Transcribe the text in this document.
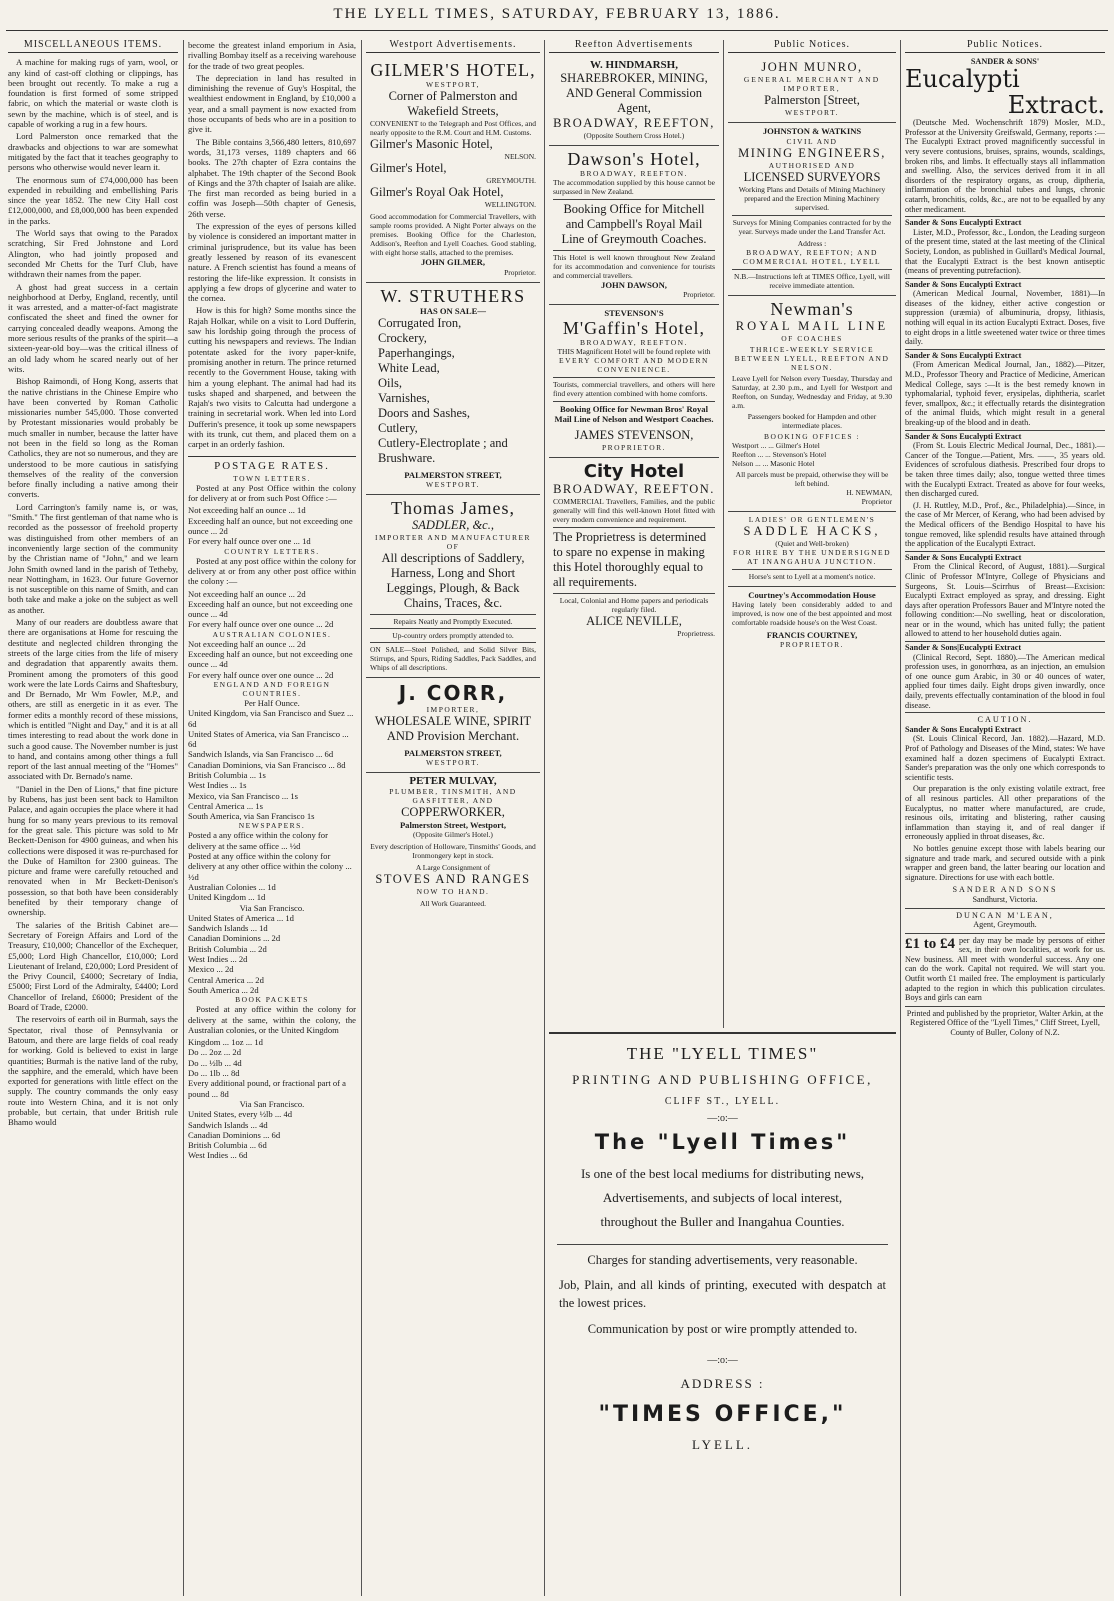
THE LYELL TIMES, SATURDAY, FEBRUARY 13, 1886.
MISCELLANEOUS ITEMS.

A machine for making rugs of yarn, wool, or any kind of cast-off clothing or clippings, has been brought out recently. To make a rug a foundation is first formed of some stripped fabric, on which the material or waste cloth is sewn by the machine, which is of steel, and is capable of working a rug in a few hours.

Lord Palmerston once remarked that the drawbacks and objections to war are somewhat mitigated by the fact that it teaches geography to persons who otherwise would never learn it.

The enormous sum of £74,000,000 has been expended in rebuilding and embellishing Paris since the year 1852. The new City Hall cost £12,000,000, and £8,000,000 has been expended in the parks.

The World says that owing to the Paradox scratching, Sir Fred Johnstone and Lord Alington, who had jointly proposed and seconded Mr Chetts for the Turf Club, have withdrawn their names from the paper.

A ghost had great success in a certain neighborhood at Derby, England, recently, until it was arrested, and a matter-of-fact magistrate confiscated the sheet and fined the owner for carrying concealed deadly weapons. Among the more serious results of the pranks of the spirit—a sixteen-year-old boy—was the critical illness of an old lady whom he scared nearly out of her wits.

Bishop Raimondi, of Hong Kong, asserts that the native christians in the Chinese Empire who have been converted by Roman Catholic missionaries number 545,000. Those converted by Protestant missionaries would probably be much smaller in number, because the latter have not been in the field so long as the Roman Catholics, they are not so numerous, and they are understood to be more cautious in satisfying themselves of the reality of the conversion before finally including a native among their converts.

Lord Carrington's family name is, or was, "Smith." The first gentleman of that name who is recorded as the possessor of freehold property was distinguished from other members of an inconveniently large section of the community by the Christian name of "John," and we learn John Smith owned land in the parish of Tetheby, near Nottingham, in 1623. Our future Governor is not susceptible on this name of Smith, and can both take and make a joke on the subject as well as another.

Many of our readers are doubtless aware that there are organisations at Home for rescuing the destitute and neglected children thronging the streets of the large cities from the life of misery and degradation that apparently awaits them. Prominent among the promoters of this good work were the late Lords Cairns and Shaftesbury, and Dr Bernado, Mr Wm Fowler, M.P., and others, are still as energetic in it as ever. The former edits a monthly record of these missions, which is entitled "Night and Day," and it is at all times interesting to read about the work done in such a good cause. The November number is just to hand, and contains among other things a full report of the last annual meeting of the "Homes" associated with Dr. Bernado's name.

"Daniel in the Den of Lions," that fine picture by Rubens, has just been sent back to Hamilton Palace, and again occupies the place where it had hung for so many years previous to its removal for the great sale. This picture was sold to Mr Beckett-Denison for 4900 guineas, and when his collections were disposed it was re-purchased for the Duke of Hamilton for 2300 guineas. The picture and frame were carefully retouched and renovated when in Mr Beckett-Denison's possession, so that both have been considerably benefited by their temporary change of ownership.

The salaries of the British Cabinet are—Secretary of Foreign Affairs and Lord of the Treasury, £10,000; Chancellor of the Exchequer, £5,000; Lord High Chancellor, £10,000; Lord Lieutenant of Ireland, £20,000; Lord President of the Privy Council, £4000; Secretary of India, £5000; First Lord of the Admiralty, £4400; Lord Chancellor of Ireland, £6000; President of the Board of Trade, £2000.

The reservoirs of earth oil in Burmah, says the Spectator, rival those of Pennsylvania or Batoum, and there are large fields of coal ready for working. Gold is believed to exist in large quantities; Burmah is the native land of the ruby, the sapphire, and the emerald, which have been exported for generations with little effect on the supply. The country commands the only easy route into Western China, and it is not only probable, but certain, that under British rule Bhamo would

become the greatest inland emporium in Asia, rivalling Bombay itself as a receiving warehouse for the trade of two great peoples.

The depreciation in land has resulted in diminishing the revenue of Guy's Hospital, the wealthiest endowment in England, by £10,000 a year, and a small payment is now exacted from those occupants of beds who are in a position to give it.

The Bible contains 3,566,480 letters, 810,697 words, 31,173 verses, 1189 chapters and 66 books. The 27th chapter of Ezra contains the alphabet. The 19th chapter of the Second Book of Kings and the 37th chapter of Isaiah are alike. The first man recorded as being buried in a coffin was Joseph—50th chapter of Genesis, 26th verse.

The expression of the eyes of persons killed by violence is considered an important matter in criminal jurisprudence, but its value has been greatly lessened by reason of its evanescent nature. A French scientist has found a means of restoring the life-like expression. It consists in applying a few drops of glycerine and water to the cornea.

How is this for high? Some months since the Rajah Holkar, while on a visit to Lord Dufferin, saw his lordship going through the process of cutting his newspapers and reviews. The Indian potentate asked for the ivory paper-knife, promising another in return. The prince returned recently to the Government House, taking with him a young elephant. The animal had had its tusks shaped and sharpened, and between the Rajah's two visits to Calcutta had undergone a training in secretarial work. When led into Lord Dufferin's presence, it took up some newspapers with its trunk, cut them, and placed them on a carpet in an orderly fashion.

POSTAGE RATES.
TOWN LETTERS.

Posted at any Post Office within the colony for delivery at or from such Post Office :—

Not exceeding half an ounce ... 1d
Exceeding half an ounce, but not exceeding one ounce ... 2d
For every half ounce over one ... 1d
COUNTRY LETTERS.

Posted at any post office within the colony for delivery at or from any other post office within the colony :—

Not exceeding half an ounce ... 2d
Exceeding half an ounce, but not exceeding one ounce ... 4d
For every half ounce over one ounce ... 2d
AUSTRALIAN COLONIES.
Not exceeding half an ounce ... 2d
Exceeding half an ounce, but not exceeding one ounce ... 4d
For every half ounce over one ounce ... 2d
ENGLAND AND FOREIGN COUNTRIES.
Per Half Ounce.
United Kingdom, via San Francisco and Suez ... 6d
United States of America, via San Francisco ... 6d
Sandwich Islands, via San Francisco ... 6d
Canadian Dominions, via San Francisco ... 8d
British Columbia ... 1s
West Indies ... 1s
Mexico, via San Francisco ... 1s
Central America ... 1s
South America, via San Francisco 1s
NEWSPAPERS.
Posted a any office within the colony for delivery at the same office ... ½d
Posted at any office within the colony for delivery at any other office within the colony ... ½d
Australian Colonies ... 1d
United Kingdom ... 1d
Via San Francisco.
United States of America ... 1d
Sandwich Islands ... 1d
Canadian Dominions ... 2d
British Columbia ... 2d
West Indies ... 2d
Mexico ... 2d
Central America ... 2d
South America ... 2d
BOOK PACKETS

Posted at any office within the colony for delivery at the same, within the colony, the Australian colonies, or the United Kingdom

Kingdom ... 1oz ... 1d
Do ... 2oz ... 2d
Do ... ½lb ... 4d
Do ... 1lb ... 8d
Every additional pound, or fractional part of a pound ... 8d
Via San Francisco.
United States, every ½lb ... 4d
Sandwich Islands ... 4d
Canadian Dominions ... 6d
British Columbia ... 6d
West Indies ... 6d
Westport Advertisements.
GILMER'S HOTEL,
WESTPORT,
Corner of Palmerston and Wakefield Streets,
CONVENIENT to the Telegraph and Post Offices, and nearly opposite to the R.M. Court and H.M. Customs.
Gilmer's Masonic Hotel,
NELSON.
Gilmer's Hotel,
GREYMOUTH.
Gilmer's Royal Oak Hotel,
WELLINGTON.
Good accommodation for Commercial Travellers, with sample rooms provided. A Night Porter always on the premises. Booking Office for the Charleston, Addison's, Reefton and Lyell Coaches. Good stabling, with eight horse stalls, attached to the premises.
JOHN GILMER,
Proprietor.
W. STRUTHERS
HAS ON SALE—
Corrugated Iron,
Crockery,
Paperhangings,
White Lead,
Oils,
Varnishes,
Doors and Sashes,
Cutlery,
Cutlery-Electroplate ; and Brushware.
PALMERSTON STREET,
WESTPORT.
Thomas James,
SADDLER, &c.,
IMPORTER AND MANUFACTURER OF
All descriptions of Saddlery, Harness, Long and Short Leggings, Plough, & Back Chains, Traces, &c.
Repairs Neatly and Promptly Executed.
Up-country orders promptly attended to.
ON SALE—Steel Polished, and Solid Silver Bits, Stirrups, and Spurs, Riding Saddles, Pack Saddles, and Whips of all descriptions.
J. CORR,
IMPORTER,
WHOLESALE WINE, SPIRIT AND Provision Merchant.
PALMERSTON STREET,
WESTPORT.
PETER MULVAY,
PLUMBER, TINSMITH, AND GASFITTER, AND
COPPERWORKER,
Palmerston Street, Westport,
(Opposite Gilmer's Hotel.)
Every description of Holloware, Tinsmiths' Goods, and Ironmongery kept in stock.
A Large Consignment of
STOVES AND RANGES
NOW TO HAND.
All Work Guaranteed.
Reefton Advertisements
W. HINDMARSH,
SHAREBROKER, MINING, AND General Commission Agent,
BROADWAY, REEFTON,
(Opposite Southern Cross Hotel.)
Dawson's Hotel,
BROADWAY, REEFTON.
The accommodation supplied by this house cannot be surpassed in New Zealand.
Booking Office for Mitchell and Campbell's Royal Mail Line of Greymouth Coaches.
This Hotel is well known throughout New Zealand for its accommodation and convenience for tourists and commercial travellers.
JOHN DAWSON,
Proprietor.
STEVENSON'S
M'Gaffin's Hotel,
BROADWAY, REEFTON.
THIS Magnificent Hotel will be found replete with
EVERY COMFORT AND MODERN CONVENIENCE.
Tourists, commercial travellers, and others will here find every attention combined with home comforts.
Booking Office for Newman Bros' Royal Mail Line of Nelson and Westport Coaches.
JAMES STEVENSON,
PROPRIETOR.
City Hotel
BROADWAY, REEFTON.
COMMERCIAL Travellers, Families, and the public generally will find this well-known Hotel fitted with every modern convenience and requirement.
The Proprietress is determined to spare no expense in making this Hotel thoroughly equal to all requirements.
Local, Colonial and Home papers and periodicals regularly filed.
ALICE NEVILLE,
Proprietress.
Public Notices.
JOHN MUNRO,
GENERAL MERCHANT AND IMPORTER,
Palmerston [Street,
WESTPORT.
JOHNSTON & WATKINS
CIVIL AND
MINING ENGINEERS,
AUTHORISED AND
LICENSED SURVEYORS
Working Plans and Details of Mining Machinery prepared and the Erection Mining Machinery supervised.
Surveys for Mining Companies contracted for by the year. Surveys made under the Land Transfer Act.
Address :
BROADWAY, REEFTON; AND COMMERCIAL HOTEL, LYELL
N.B.—Instructions left at TIMES Office, Lyell, will receive immediate attention.
Newman's
ROYAL MAIL LINE
OF COACHES
THRICE-WEEKLY SERVICE BETWEEN LYELL, REEFTON AND NELSON.
Leave Lyell for Nelson every Tuesday, Thursday and Saturday, at 2.30 p.m., and Lyell for Westport and Reefton, on Sunday, Wednesday and Friday, at 9.30 a.m.
Passengers booked for Hampden and other intermediate places.
BOOKING OFFICES :
Westport ... ... Gilmer's Hotel
Reefton ... ... Stevenson's Hotel
Nelson ... ... Masonic Hotel
All parcels must be prepaid, otherwise they will be left behind.
H. NEWMAN,
Proprietor
LADIES' OR GENTLEMEN'S
SADDLE HACKS,
(Quiet and Well-broken)
FOR HIRE BY THE UNDERSIGNED
AT INANGAHUA JUNCTION.
Horse's sent to Lyell at a moment's notice.
Courtney's Accommodation House
Having lately been considerably added to and improved, is now one of the best appointed and most comfortable roadside house's on the West Coast.
FRANCIS COURTNEY,
PROPRIETOR.
THE "LYELL TIMES"
PRINTING AND PUBLISHING OFFICE,
CLIFF ST., LYELL.
—:o:—
The "Lyell Times"
Is one of the best local mediums for distributing news, Advertisements, and subjects of local interest, throughout the Buller and Inangahua Counties.
Charges for standing advertisements, very reasonable.
Job, Plain, and all kinds of printing, executed with despatch at the lowest prices.
Communication by post or wire promptly attended to.
—:o:—
ADDRESS :
"TIMES OFFICE,"
LYELL.
Public Notices.
SANDER & SONS'
Eucalypti
Extract.

(Deutsche Med. Wochenschrift 1879) Mosler, M.D., Professor at the University Greifswald, Germany, reports :— The Eucalypti Extract proved magnificently successful in very severe contusions, bruises, sprains, wounds, scaldings, broken ribs, and limbs. It effectually stays all inflammation and swelling. Also, the services derived from it in all disorders of the respiratory organs, as croup, diptheria, inflammation of the bronchial tubes and lungs, chronic catarrh, bronchitis, colds, &c., are not to be equalled by any other medicament.

Sander & Sons Eucalypti Extract

Lister, M.D., Professor, &c., London, the Leading surgeon of the present time, stated at the last meeting of the Clinical Society, London, as published in Guillard's Medical Journal, that the Eucalypti Extract is the best known antiseptic (means of preventing putrefaction).

Sander & Sons Eucalypti Extract

(American Medical Journal, November, 1881)—In diseases of the kidney, either active congestion or suppression (uræmia) of albuminuria, dropsy, lithiasis, nothing will equal in its action Eucalypti Extract. Doses, five to eight drops in a little sweetened water twice or three times daily.

Sander & Sons Eucalypti Extract

(From American Medical Journal, Jan., 1882).—Pitzer, M.D., Professor Theory and Practice of Medicine, American Medical College, says :—It is the best remedy known in typhomalarial, typhoid fever, erysipelas, diphtheria, scarlet fever, smallpox, &c.; it effectually retards the disintegration of the animal fluids, which might result in a general breaking-up of the blood and in death.

Sander & Sons Eucalypti Extract

(From St. Louis Electric Medical Journal, Dec., 1881).—Cancer of the Tongue.—Patient, Mrs. ——, 35 years old. Evidences of scrofulous diathesis. Prescribed four drops to be taken three times daily; also, tongue wetted three times with the Eucalypti Extract. Treated as above for four weeks, then discharged cured.

(J. H. Ruttley, M.D., Prof., &c., Philadelphia).—Since, in the case of Mr Mercer, of Kerang, who had been advised by the Medical officers of the Bendigo Hospital to have his tongue removed, like splendid results have attained through the application of the Eucalypti Extract.

Sander & Sons Eucalypti Extract

From the Clinical Record, of August, 1881).—Surgical Clinic of Professor M'Intyre, College of Physicians and Surgeons, St. Louis—Scirrhus of Breast—Excision: Eucalypti Extract employed as spray, and dressing. Eight days after operation Professors Bauer and M'Intyre noted the following condition:—No swelling, heat or discoloration, near or in the wound, which has united fully; the patient allowed to attend to her household duties again.

Sander & Sons|Eucalypti Extract

(Clinical Record, Sept. 1880).—The American medical profession uses, in gonorrhœa, as an injection, an emulsion of one ounce gum Arabic, in 30 or 40 ounces of water, applied four times daily. Eight drops given inwardly, once daily, prevents effectually contamination of the blood in foul disease.

CAUTION.
Sander & Sons Eucalypti Extract

(St. Louis Clinical Record, Jan. 1882).—Hazard, M.D. Prof of Pathology and Diseases of the Mind, states: We have examined half a dozen specimens of Eucalypti Extract. Sander's preparation was the only one which corresponds to scientific tests.

Our preparation is the only existing volatile extract, free of all resinous particles. All other preparations of the Eucalyptus, no matter where manufactured, are crude, resinous oils, irritating and blistering, rather causing inflammation than staying it, and of real danger if erroneously applied in throat diseases, &c.

No bottles genuine except those with labels bearing our signature and trade mark, and secured outside with a pink wrapper and green band, the latter bearing our location and signature. Directions for use with each bottle.

SANDER AND SONS
Sandhurst, Victoria.
DUNCAN M'LEAN,
Agent, Greymouth.
£1 to £4 per day may be made by persons of either sex, in their own localities, at work for us. New business. All meet with wonderful success. Any one can do the work. Capital not required. We will start you. Outfit worth £1 mailed free. The employment is particularly adapted to the region in which this publication circulates. Boys and girls can earn
Printed and published by the proprietor, Walter Arkin, at the Registered Office of the "Lyell Times," Cliff Street, Lyell, County of Buller, Colony of N.Z.
